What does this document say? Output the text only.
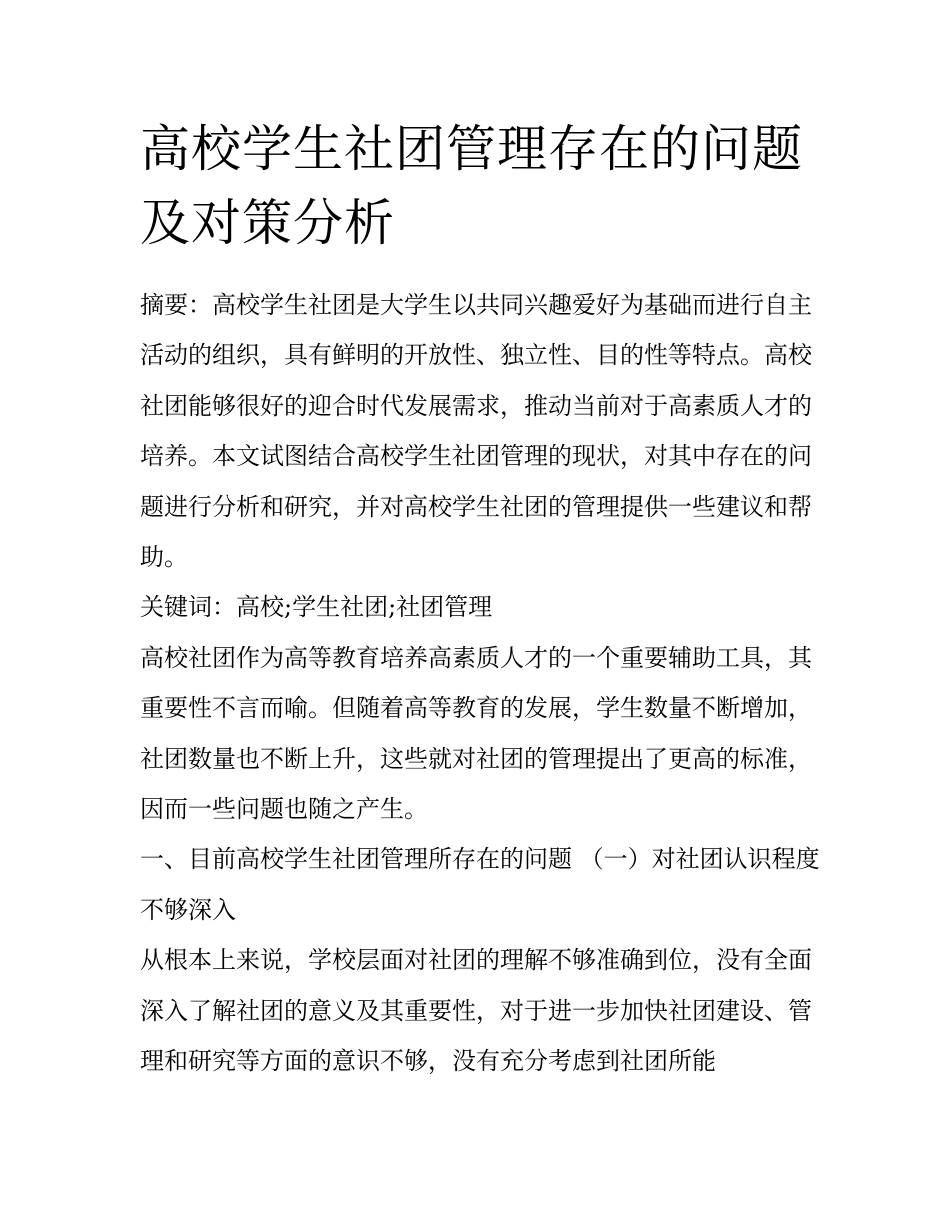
高校学生社团管理存在的问题及对策分析

摘要：高校学生社团是大学生以共同兴趣爱好为基础而进行自主活动的组织，具有鲜明的开放性、独立性、目的性等特点。高校社团能够很好的迎合时代发展需求，推动当前对于高素质人才的培养。本文试图结合高校学生社团管理的现状，对其中存在的问题进行分析和研究，并对高校学生社团的管理提供一些建议和帮助。

关键词：高校;学生社团;社团管理

高校社团作为高等教育培养高素质人才的一个重要辅助工具，其重要性不言而喻。但随着高等教育的发展，学生数量不断增加，社团数量也不断上升，这些就对社团的管理提出了更高的标准，因而一些问题也随之产生。

一、目前高校学生社团管理所存在的问题 （一）对社团认识程度不够深入

从根本上来说，学校层面对社团的理解不够准确到位，没有全面深入了解社团的意义及其重要性，对于进一步加快社团建设、管理和研究等方面的意识不够，没有充分考虑到社团所能
